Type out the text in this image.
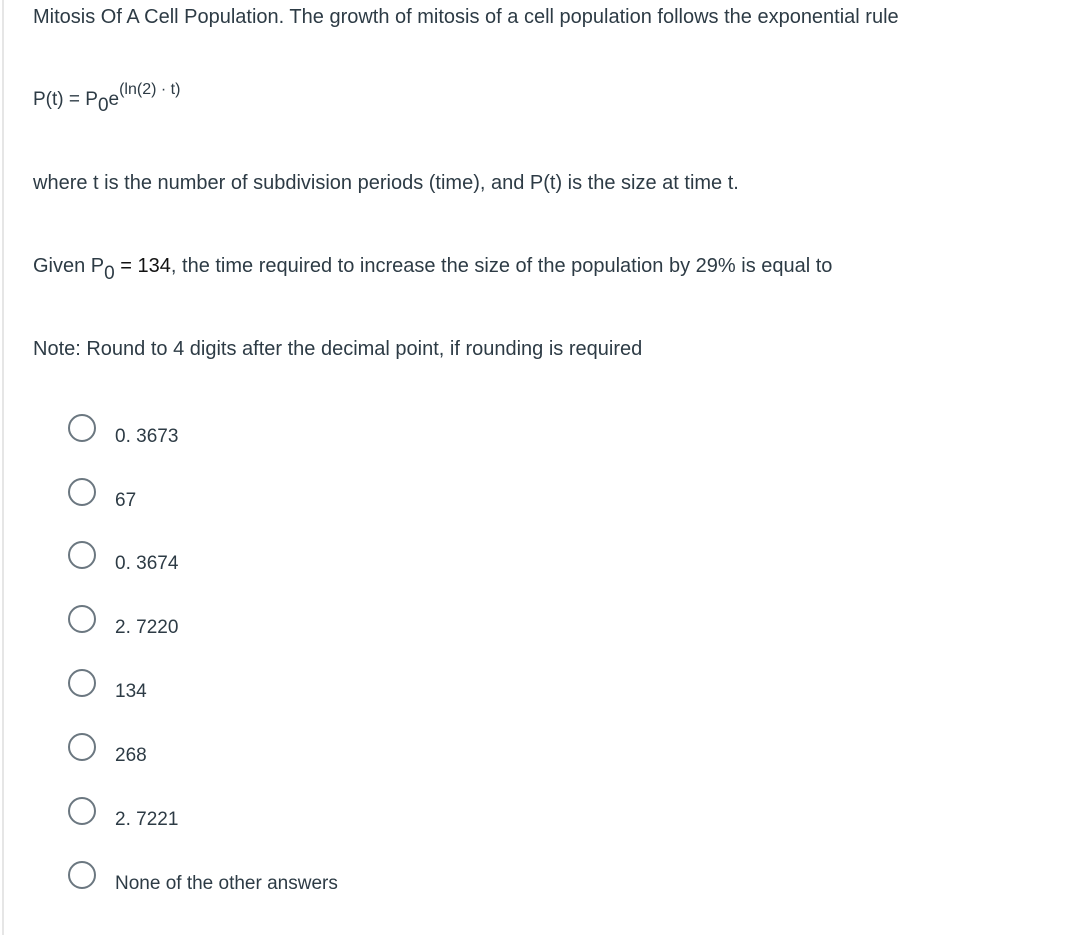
Mitosis Of A Cell Population. The growth of mitosis of a cell population follows the exponential rule
$P(t) = P0e^{(ln(2) \cdot t)}$
where t is the number of subdivision periods (time), and P(t) is the size at time t.
Given P0 = 134, the time required to increase the size of the population by 29% is equal to
Note: Round to 4 digits after the decimal point, if rounding is required
0. 3673
67
0. 3674
2. 7220
134
268
2. 7221
None of the other answers
